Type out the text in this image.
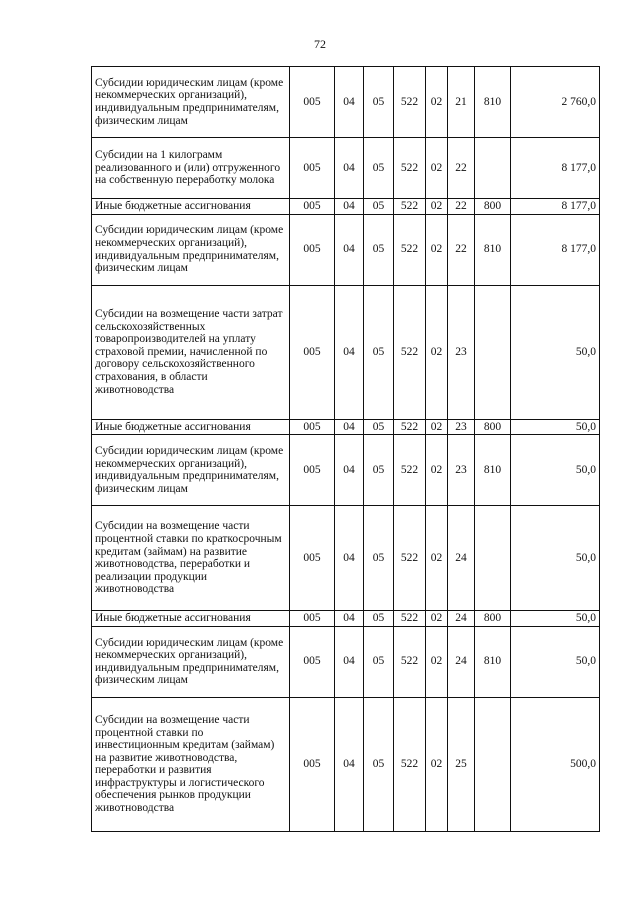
72
Субсидии юридическим лицам (кроме некоммерческих организаций), индивидуальным предпринимателям, физическим лицам	005	04	05	522	02	21	810	2 760,0
Субсидии на 1 килограмм реализованного и (или) отгруженного на собственную переработку молока	005	04	05	522	02	22		8 177,0
Иные бюджетные ассигнования	005	04	05	522	02	22	800	8 177,0
Субсидии юридическим лицам (кроме некоммерческих организаций), индивидуальным предпринимателям, физическим лицам	005	04	05	522	02	22	810	8 177,0
Субсидии на возмещение части затрат сельскохозяйственных товаропроизводителей на уплату страховой премии, начисленной по договору сельскохозяйственного страхования, в области животноводства	005	04	05	522	02	23		50,0
Иные бюджетные ассигнования	005	04	05	522	02	23	800	50,0
Субсидии юридическим лицам (кроме некоммерческих организаций), индивидуальным предпринимателям, физическим лицам	005	04	05	522	02	23	810	50,0
Субсидии на возмещение части процентной ставки по краткосрочным кредитам (займам) на развитие животноводства, переработки и реализации продукции животноводства	005	04	05	522	02	24		50,0
Иные бюджетные ассигнования	005	04	05	522	02	24	800	50,0
Субсидии юридическим лицам (кроме некоммерческих организаций), индивидуальным предпринимателям, физическим лицам	005	04	05	522	02	24	810	50,0
Субсидии на возмещение части процентной ставки по инвестиционным кредитам (займам) на развитие животноводства, переработки и развития инфраструктуры и логистического обеспечения рынков продукции животноводства	005	04	05	522	02	25		500,0
